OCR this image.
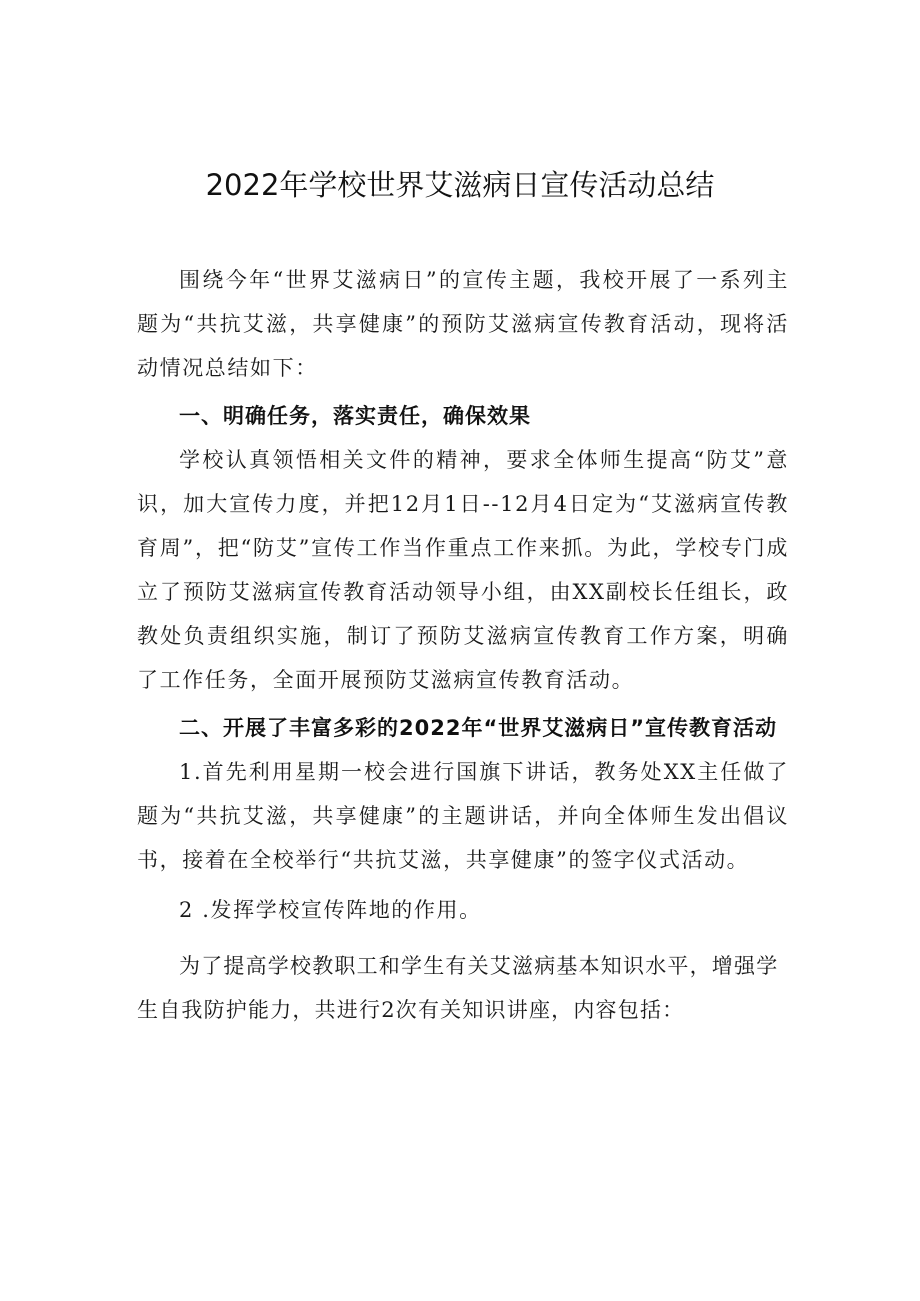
2022年学校世界艾滋病日宣传活动总结

围绕今年“世界艾滋病日”的宣传主题，我校开展了一系列主题为“共抗艾滋，共享健康”的预防艾滋病宣传教育活动，现将活动情况总结如下：

一、明确任务，落实责任，确保效果

学校认真领悟相关文件的精神，要求全体师生提高“防艾”意识，加大宣传力度，并把12月1日--12月4日定为“艾滋病宣传教育周”，把“防艾”宣传工作当作重点工作来抓。为此，学校专门成立了预防艾滋病宣传教育活动领导小组，由XX副校长任组长，政教处负责组织实施，制订了预防艾滋病宣传教育工作方案，明确了工作任务，全面开展预防艾滋病宣传教育活动。

二、开展了丰富多彩的2022年“世界艾滋病日”宣传教育活动

1.首先利用星期一校会进行国旗下讲话，教务处XX主任做了题为“共抗艾滋，共享健康”的主题讲话，并向全体师生发出倡议书，接着在全校举行“共抗艾滋，共享健康”的签字仪式活动。

2 .发挥学校宣传阵地的作用。

为了提高学校教职工和学生有关艾滋病基本知识水平，增强学生自我防护能力，共进行2次有关知识讲座，内容包括：
